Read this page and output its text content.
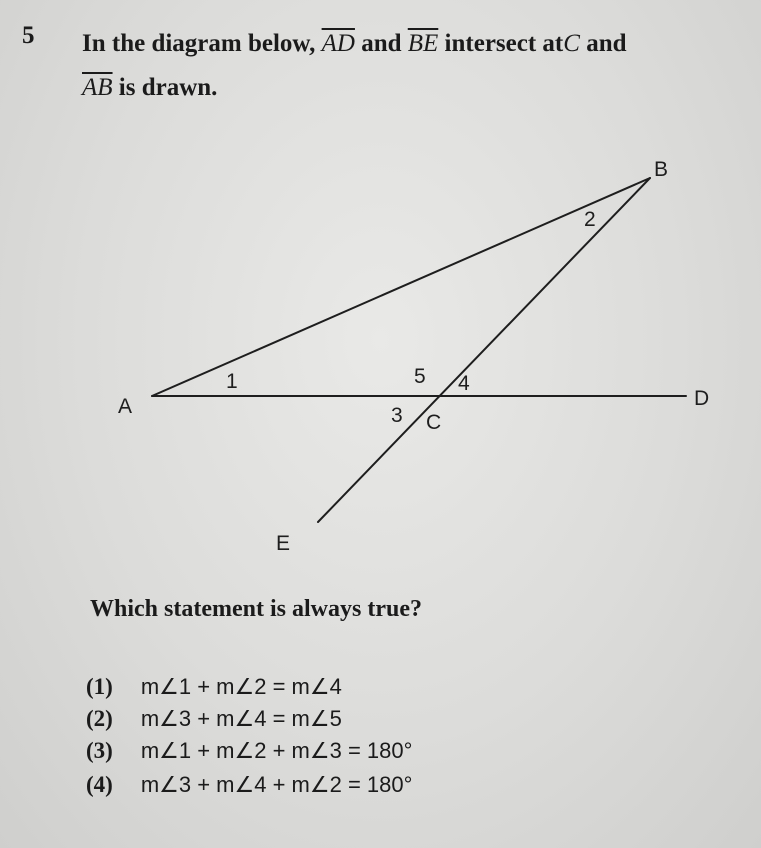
5 In the diagram below, $\overline{AD}$ and $\overline{BE}$ intersect atC and
$\overline{AB}$ is drawn.
A
B
C
D
E
1
2
3
4
5
Which statement is always true?
(1) m∠1 + m∠2 = m∠4
(2) m∠3 + m∠4 = m∠5
(3) m∠1 + m∠2 + m∠3 = 180°
(4) m∠3 + m∠4 + m∠2 = 180°
